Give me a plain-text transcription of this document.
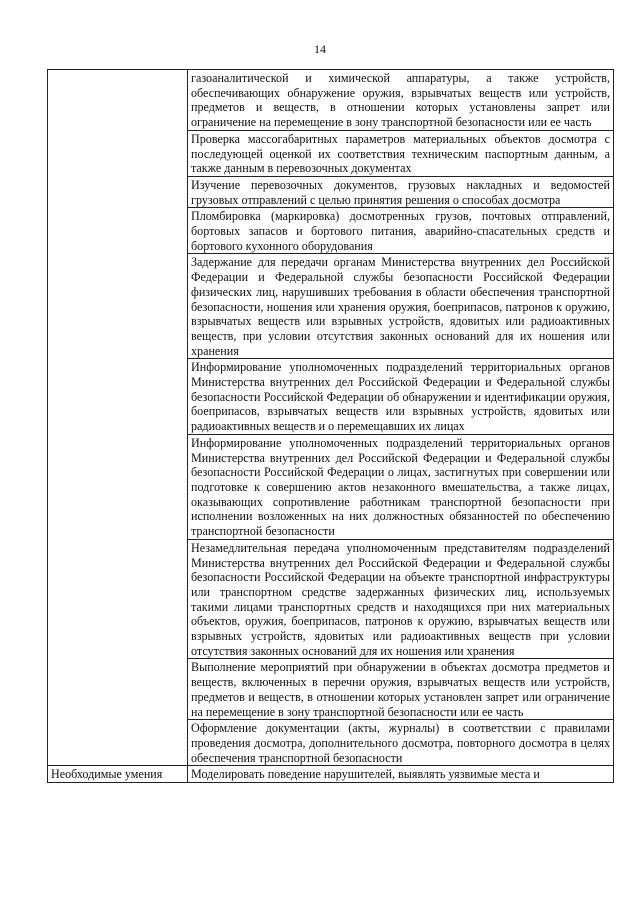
14
	газоаналитической и химической аппаратуры, а также устройств, обеспечивающих обнаружение оружия, взрывчатых веществ или устройств, предметов и веществ, в отношении которых установлены запрет или ограничение на перемещение в зону транспортной безопасности или ее часть
	Проверка массогабаритных параметров материальных объектов досмотра с последующей оценкой их соответствия техническим паспортным данным, а также данным в перевозочных документах
	Изучение перевозочных документов, грузовых накладных и ведомостей грузовых отправлений с целью принятия решения о способах досмотра
	Пломбировка (маркировка) досмотренных грузов, почтовых отправлений, бортовых запасов и бортового питания, аварийно-спасательных средств и бортового кухонного оборудования
	Задержание для передачи органам Министерства внутренних дел Российской Федерации и Федеральной службы безопасности Российской Федерации физических лиц, нарушивших требования в области обеспечения транспортной безопасности, ношения или хранения оружия, боеприпасов, патронов к оружию, взрывчатых веществ или взрывных устройств, ядовитых или радиоактивных веществ, при условии отсутствия законных оснований для их ношения или хранения
	Информирование уполномоченных подразделений территориальных органов Министерства внутренних дел Российской Федерации и Федеральной службы безопасности Российской Федерации об обнаружении и идентификации оружия, боеприпасов, взрывчатых веществ или взрывных устройств, ядовитых или радиоактивных веществ и о перемещавших их лицах
	Информирование уполномоченных подразделений территориальных органов Министерства внутренних дел Российской Федерации и Федеральной службы безопасности Российской Федерации о лицах, застигнутых при совершении или подготовке к совершению актов незаконного вмешательства, а также лицах, оказывающих сопротивление работникам транспортной безопасности при исполнении возложенных на них должностных обязанностей по обеспечению транспортной безопасности
	Незамедлительная передача уполномоченным представителям подразделений Министерства внутренних дел Российской Федерации и Федеральной службы безопасности Российской Федерации на объекте транспортной инфраструктуры или транспортном средстве задержанных физических лиц, используемых такими лицами транспортных средств и находящихся при них материальных объектов, оружия, боеприпасов, патронов к оружию, взрывчатых веществ или взрывных устройств, ядовитых или радиоактивных веществ при условии отсутствия законных оснований для их ношения или хранения
	Выполнение мероприятий при обнаружении в объектах досмотра предметов и веществ, включенных в перечни оружия, взрывчатых веществ или устройств, предметов и веществ, в отношении которых установлен запрет или ограничение на перемещение в зону транспортной безопасности или ее часть
	Оформление документации (акты, журналы) в соответствии с правилами проведения досмотра, дополнительного досмотра, повторного досмотра в целях обеспечения транспортной безопасности
Необходимые умения	Моделировать поведение нарушителей, выявлять уязвимые места и
